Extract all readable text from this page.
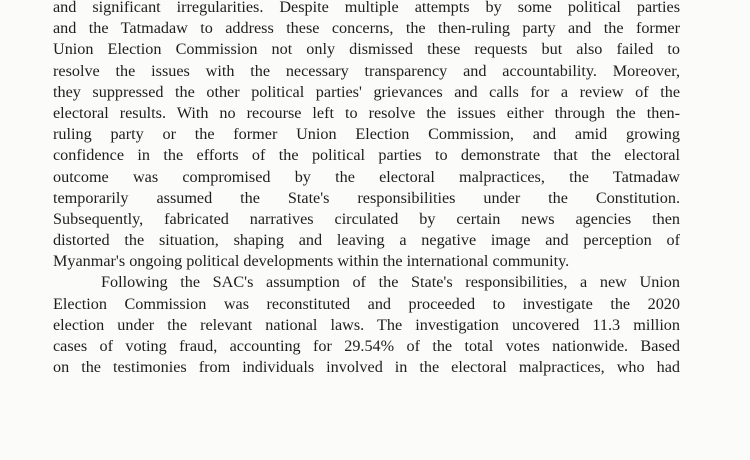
and significant irregularities. Despite multiple attempts by some political parties
and the Tatmadaw to address these concerns, the then-ruling party and the former
Union Election Commission not only dismissed these requests but also failed to
resolve the issues with the necessary transparency and accountability. Moreover,
they suppressed the other political parties' grievances and calls for a review of the
electoral results. With no recourse left to resolve the issues either through the then-
ruling party or the former Union Election Commission, and amid growing
confidence in the efforts of the political parties to demonstrate that the electoral
outcome was compromised by the electoral malpractices, the Tatmadaw
temporarily assumed the State's responsibilities under the Constitution.
Subsequently, fabricated narratives circulated by certain news agencies then
distorted the situation, shaping and leaving a negative image and perception of
Myanmar's ongoing political developments within the international community.
Following the SAC's assumption of the State's responsibilities, a new Union
Election Commission was reconstituted and proceeded to investigate the 2020
election under the relevant national laws. The investigation uncovered 11.3 million
cases of voting fraud, accounting for 29.54% of the total votes nationwide. Based
on the testimonies from individuals involved in the electoral malpractices, who had
